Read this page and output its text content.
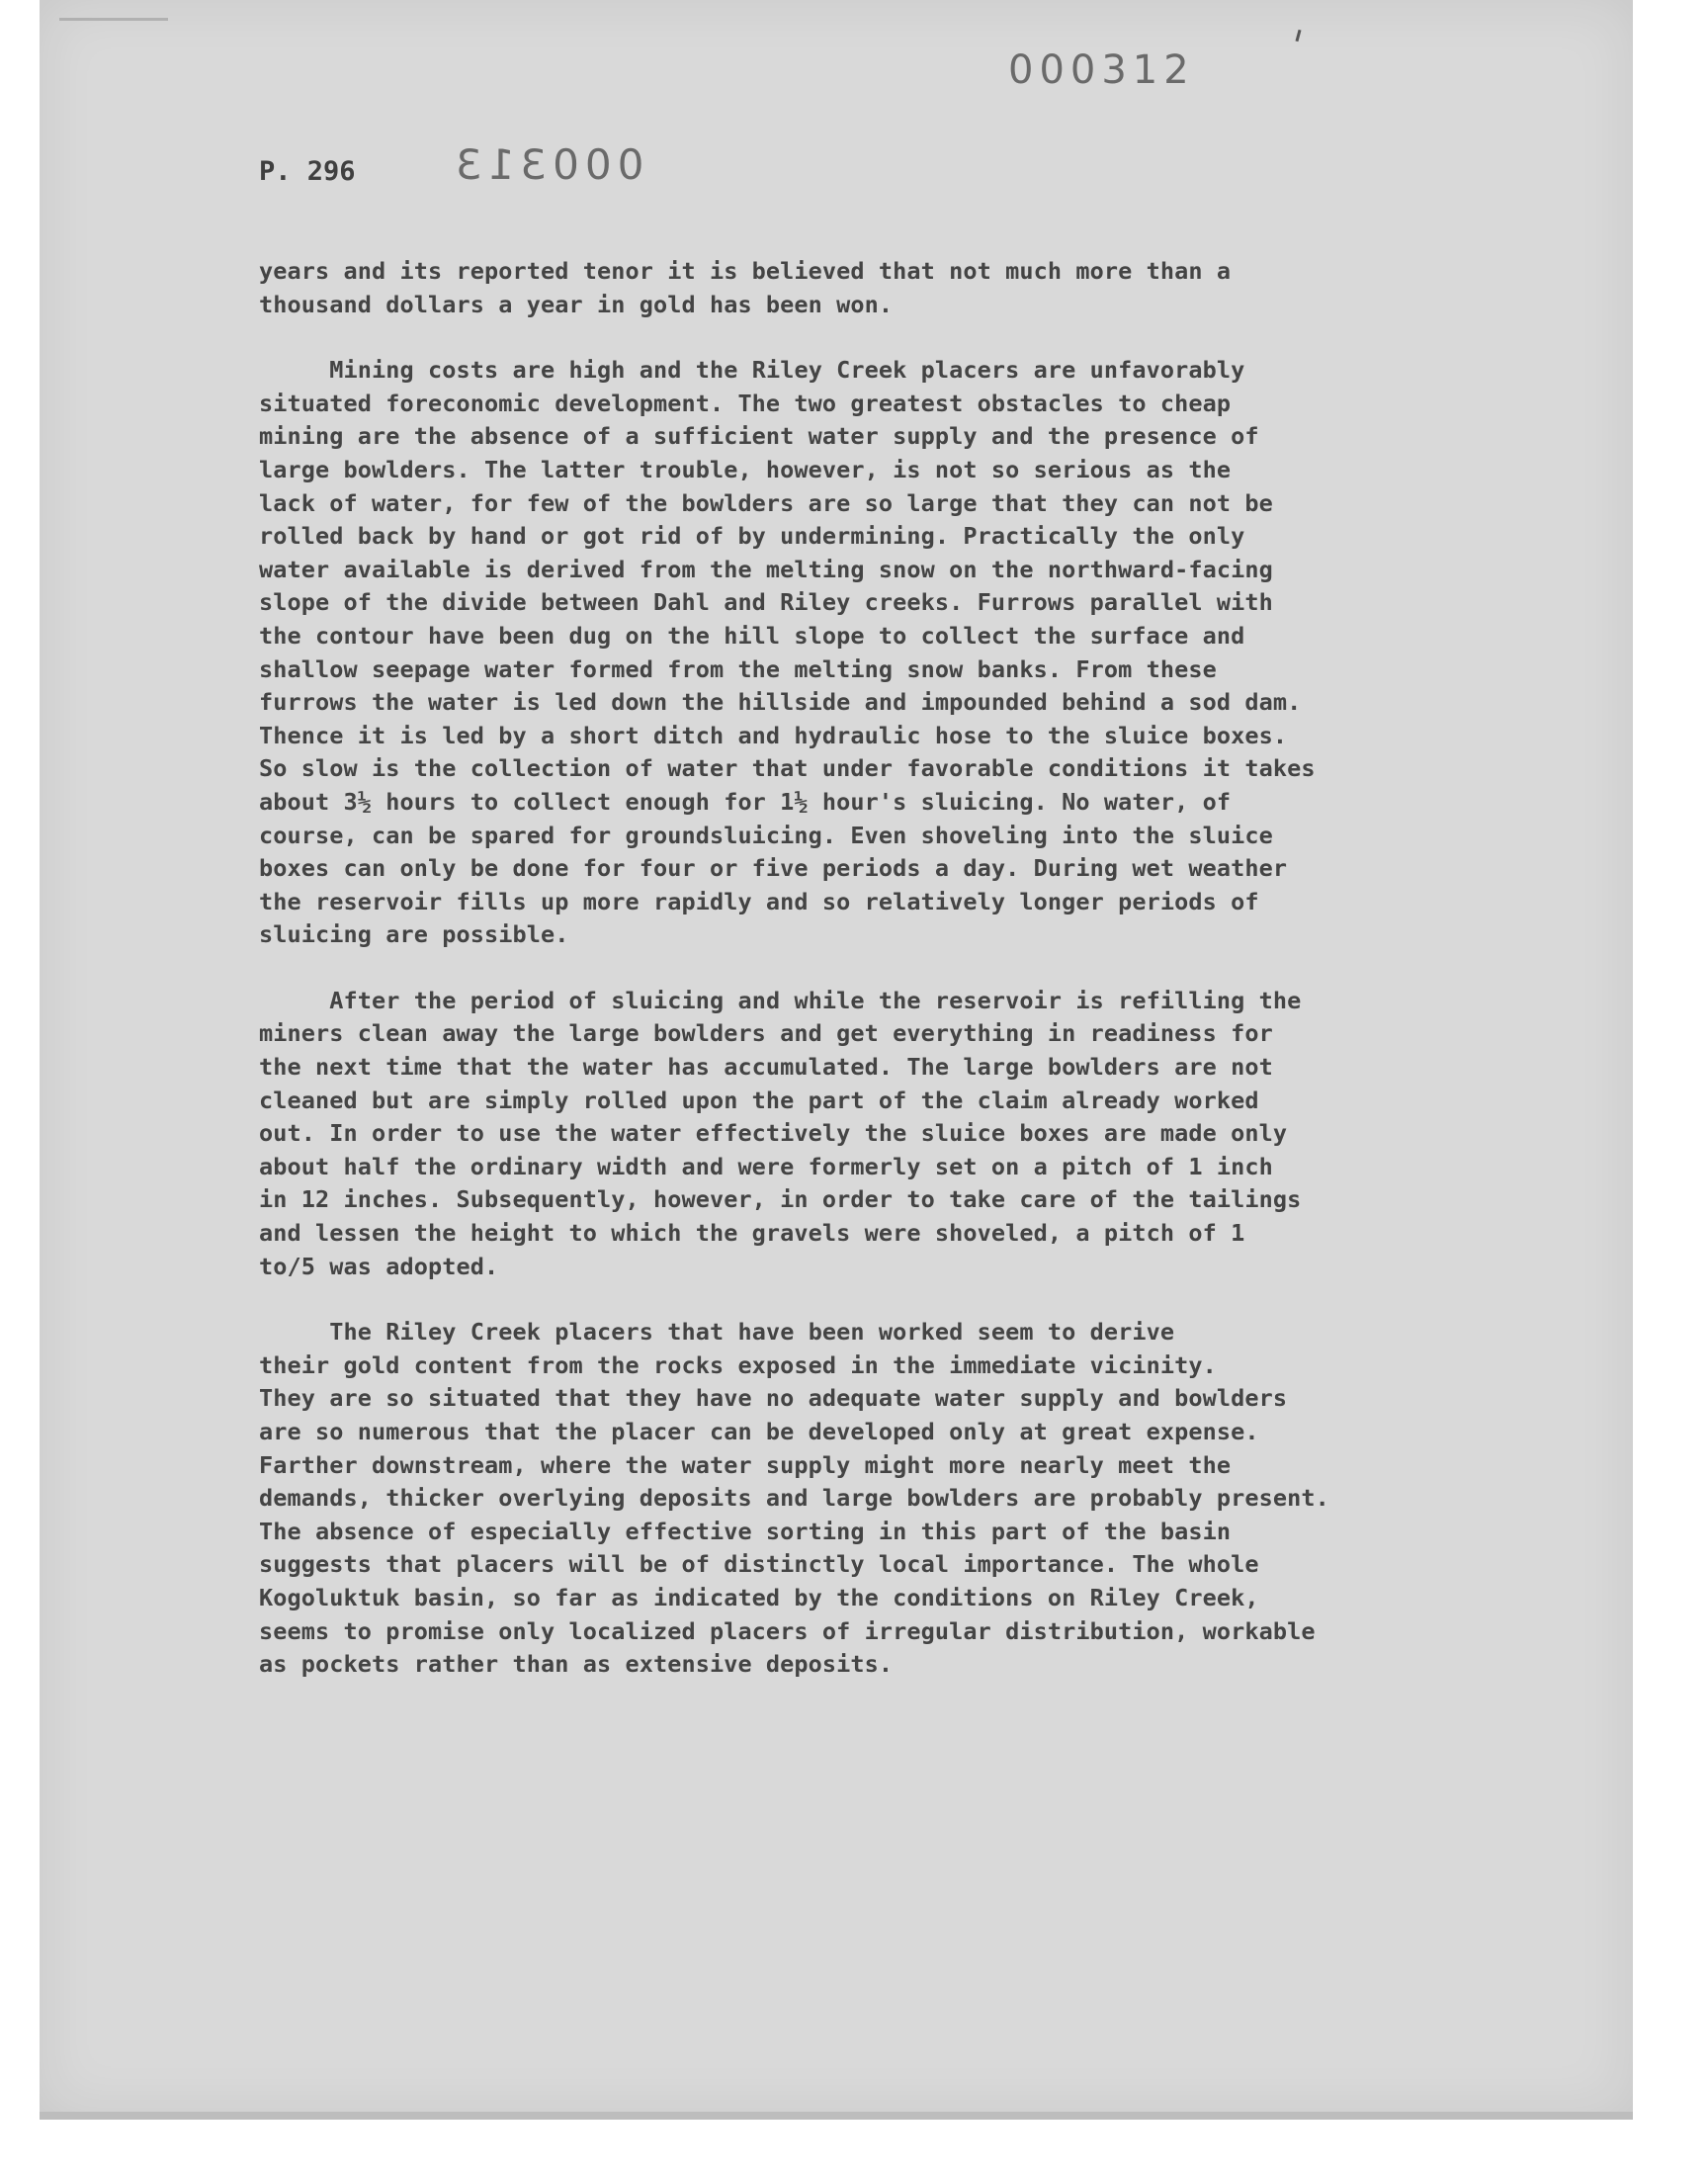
000312
000313
P. 296

years and its reported tenor it is believed that not much more than a
thousand dollars a year in gold has been won.

Mining costs are high and the Riley Creek placers are unfavorably
situated foreconomic development. The two greatest obstacles to cheap
mining are the absence of a sufficient water supply and the presence of
large bowlders. The latter trouble, however, is not so serious as the
lack of water, for few of the bowlders are so large that they can not be
rolled back by hand or got rid of by undermining. Practically the only
water available is derived from the melting snow on the northward-facing
slope of the divide between Dahl and Riley creeks. Furrows parallel with
the contour have been dug on the hill slope to collect the surface and
shallow seepage water formed from the melting snow banks. From these
furrows the water is led down the hillside and impounded behind a sod dam.
Thence it is led by a short ditch and hydraulic hose to the sluice boxes.
So slow is the collection of water that under favorable conditions it takes
about 3½ hours to collect enough for 1½ hour's sluicing. No water, of
course, can be spared for groundsluicing. Even shoveling into the sluice
boxes can only be done for four or five periods a day. During wet weather
the reservoir fills up more rapidly and so relatively longer periods of
sluicing are possible.

After the period of sluicing and while the reservoir is refilling the
miners clean away the large bowlders and get everything in readiness for
the next time that the water has accumulated. The large bowlders are not
cleaned but are simply rolled upon the part of the claim already worked
out. In order to use the water effectively the sluice boxes are made only
about half the ordinary width and were formerly set on a pitch of 1 inch
in 12 inches. Subsequently, however, in order to take care of the tailings
and lessen the height to which the gravels were shoveled, a pitch of 1
to/5 was adopted.

The Riley Creek placers that have been worked seem to derive
their gold content from the rocks exposed in the immediate vicinity.
They are so situated that they have no adequate water supply and bowlders
are so numerous that the placer can be developed only at great expense.
Farther downstream, where the water supply might more nearly meet the
demands, thicker overlying deposits and large bowlders are probably present.
The absence of especially effective sorting in this part of the basin
suggests that placers will be of distinctly local importance. The whole
Kogoluktuk basin, so far as indicated by the conditions on Riley Creek,
seems to promise only localized placers of irregular distribution, workable
as pockets rather than as extensive deposits.
